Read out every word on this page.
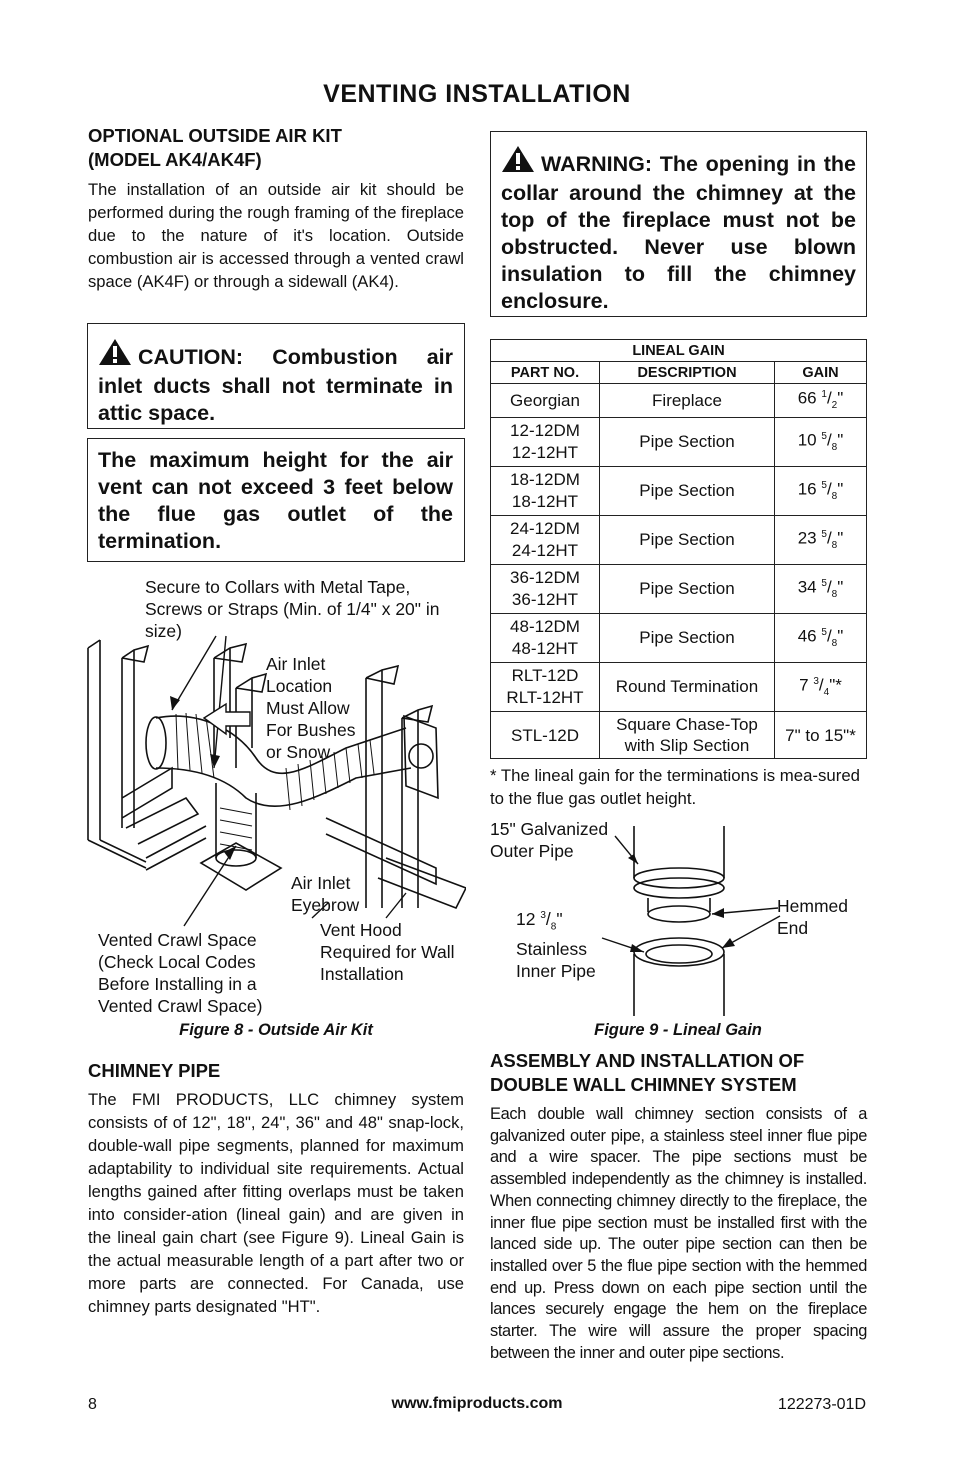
VENTING INSTALLATION
OPTIONAL OUTSIDE AIR KIT
(MODEL AK4/AK4F)
The installation of an outside air kit should be performed during the rough framing of the fireplace due to the nature of it's location. Outside combustion air is accessed through a vented crawl space (AK4F) or through a sidewall (AK4).
CAUTION: Combustion air inlet ducts shall not terminate in attic space.
The maximum height for the air vent can not exceed 3 feet below the flue gas outlet of the termination.
Secure to Collars with Metal Tape, Screws or Straps (Min. of 1/4" x 20" in size)
Air Inlet Location Must Allow For Bushes or Snow
Air Inlet Eyebrow
Vented Crawl Space (Check Local Codes Before Installing in a Vented Crawl Space)
Vent Hood Required for Wall Installation
Figure 8 - Outside Air Kit
CHIMNEY PIPE
The FMI PRODUCTS, LLC chimney system consists of of 12", 18", 24", 36" and 48" snap-lock, double-wall pipe segments, planned for maximum adaptability to individual site requirements. Actual lengths gained after fitting overlaps must be taken into consider-ation (lineal gain) and are given in the lineal gain chart (see Figure 9). Lineal Gain is the actual measurable length of a part after two or more parts are connected. For Canada, use chimney parts designated "HT".
WARNING: The opening in the collar around the chimney at the top of the fireplace must not be obstructed. Never use blown insulation to fill the chimney enclosure.
LINEAL GAIN		
PART NO.	DESCRIPTION	GAIN

Georgian	Fireplace	66 $^1/_2$"

12-12DM
12-12HT	Pipe Section	10 $^5/_8$"

18-12DM
18-12HT	Pipe Section	16 $^5/_8$"

24-12DM
24-12HT	Pipe Section	23 $^5/_8$"

36-12DM
36-12HT	Pipe Section	34 $^5/_8$"

48-12DM
48-12HT	Pipe Section	46 $^5/_8$"

RLT-12D
RLT-12HT	Round Termination	7 $^3/_4"*$

STL-12D	Square Chase-Top with Slip Section	7" to 15"*
* The lineal gain for the terminations is mea-sured to the flue gas outlet height.
15" Galvanized Outer Pipe
12 $^3/_8$"
Stainless Inner Pipe
Hemmed End
Figure 9 - Lineal Gain
ASSEMBLY AND INSTALLATION OF
DOUBLE WALL CHIMNEY SYSTEM
Each double wall chimney section consists of a galvanized outer pipe, a stainless steel inner flue pipe and a wire spacer. The pipe sections must be assembled independently as the chimney is installed. When connecting chimney directly to the fireplace, the inner flue pipe section must be installed first with the lanced side up. The outer pipe section can then be installed over 5 the flue pipe section with the hemmed end up. Press down on each pipe section until the lances securely engage the hem on the fireplace starter. The wire will assure the proper spacing between the inner and outer pipe sections.
8	www.fmiproducts.com	122273-01D
